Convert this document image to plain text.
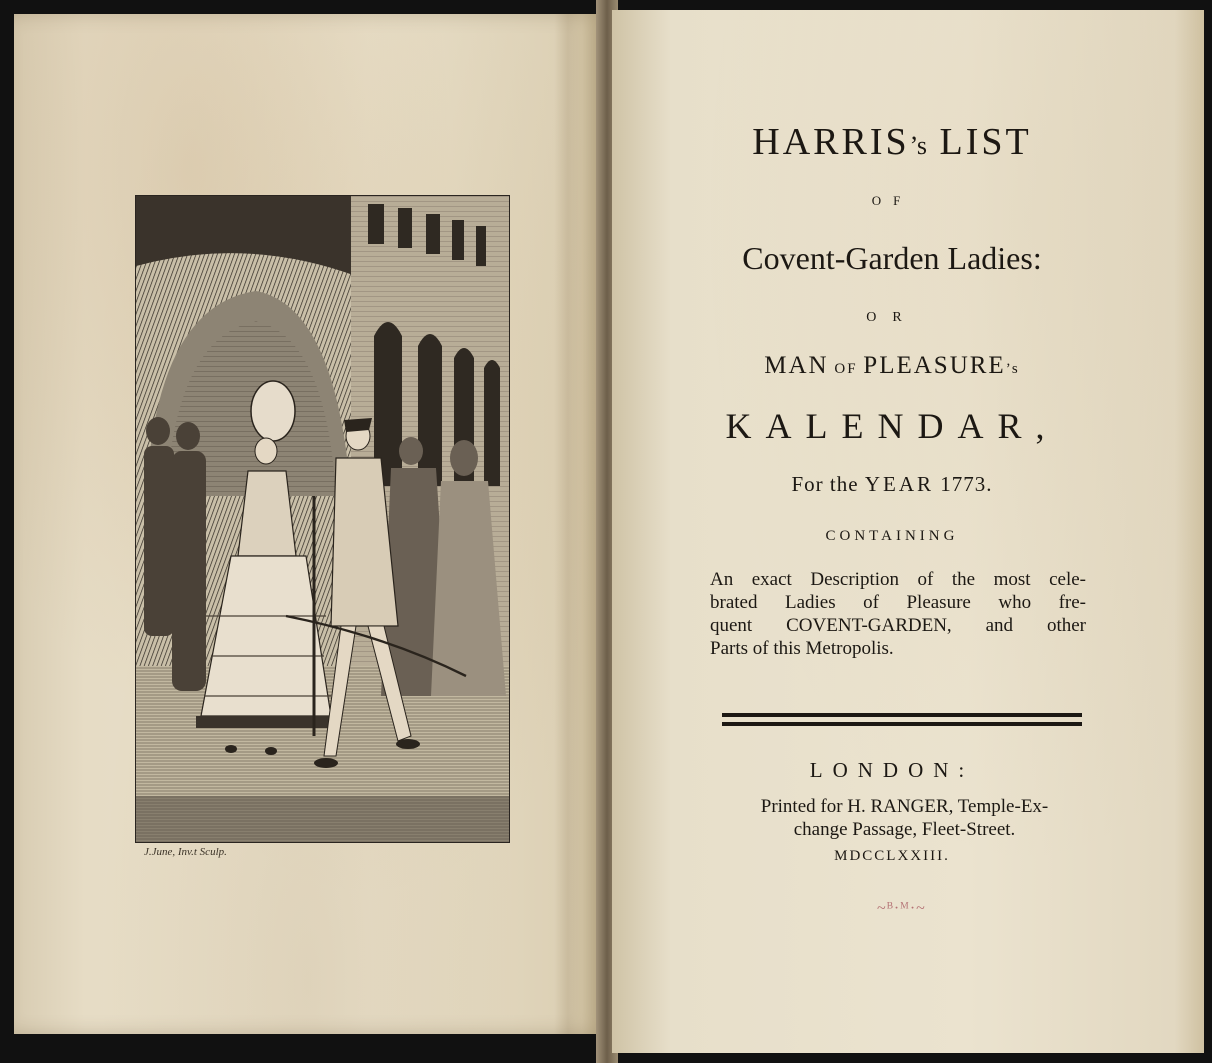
J.June, Inv.t Sculp.
HARRIS’s LIST
OF
Covent-Garden Ladies:
OR
MAN OF PLEASURE’s
KALENDAR,
For the YEAR 1773.
CONTAINING
An exact Description of the most cele-
brated Ladies of Pleasure who fre-
quent COVENT-GARDEN, and other
Parts of this Metropolis.
LONDON:
Printed for H. RANGER, Temple-Ex-
change Passage, Fleet-Street.
MDCCLXXIII.
~ᴮ·ᴹ·~
